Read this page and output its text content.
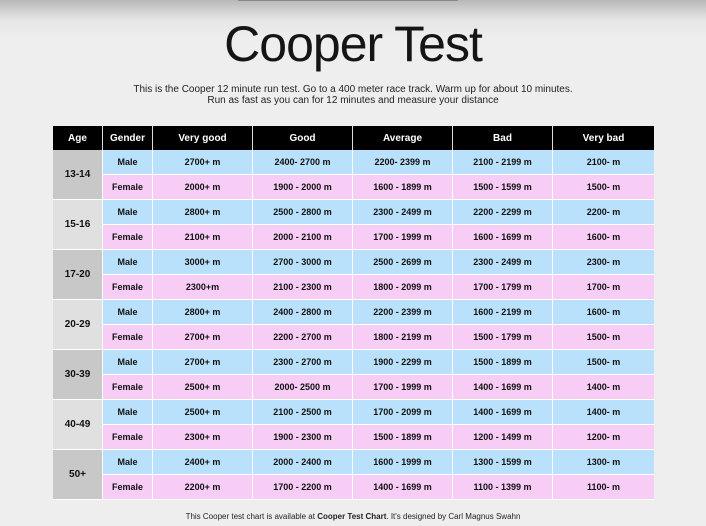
Cooper Test
This is the Cooper 12 minute run test. Go to a 400 meter race track. Warm up for about 10 minutes.
Run as fast as you can for 12 minutes and measure your distance
Age	Gender	Very good	Good	Average	Bad	Very bad
13-14	Male	2700+ m	2400- 2700 m	2200- 2399 m	2100 - 2199 m	2100- m
	Female	2000+ m	1900 - 2000 m	1600 - 1899 m	1500 - 1599 m	1500- m
15-16	Male	2800+ m	2500 - 2800 m	2300 - 2499 m	2200 - 2299 m	2200- m
	Female	2100+ m	2000 - 2100 m	1700 - 1999 m	1600 - 1699 m	1600- m
17-20	Male	3000+ m	2700 - 3000 m	2500 - 2699 m	2300 - 2499 m	2300- m
	Female	2300+m	2100 - 2300 m	1800 - 2099 m	1700 - 1799 m	1700- m
20-29	Male	2800+ m	2400 - 2800 m	2200 - 2399 m	1600 - 2199 m	1600- m
	Female	2700+ m	2200 - 2700 m	1800 - 2199 m	1500 - 1799 m	1500- m
30-39	Male	2700+ m	2300 - 2700 m	1900 - 2299 m	1500 - 1899 m	1500- m
	Female	2500+ m	2000- 2500 m	1700 - 1999 m	1400 - 1699 m	1400- m
40-49	Male	2500+ m	2100 - 2500 m	1700 - 2099 m	1400 - 1699 m	1400- m
	Female	2300+ m	1900 - 2300 m	1500 - 1899 m	1200 - 1499 m	1200- m
50+	Male	2400+ m	2000 - 2400 m	1600 - 1999 m	1300 - 1599 m	1300- m
	Female	2200+ m	1700 - 2200 m	1400 - 1699 m	1100 - 1399 m	1100- m
This Cooper test chart is available at Cooper Test Chart. It's designed by Carl Magnus Swahn
